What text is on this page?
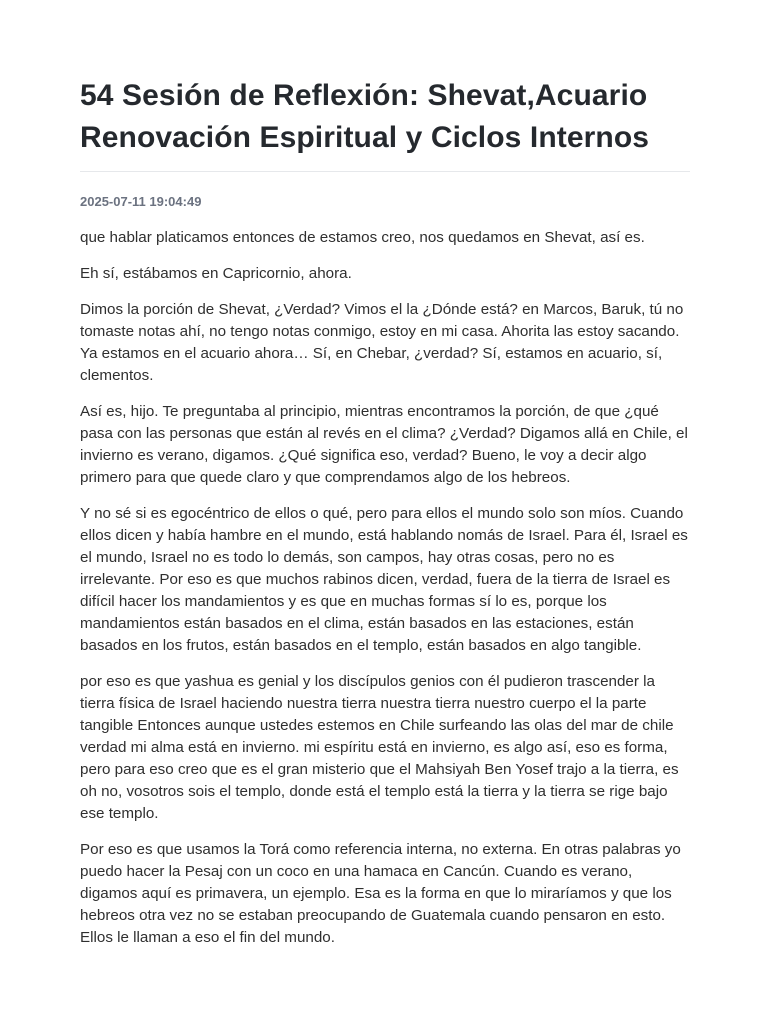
54 Sesión de Reflexión: Shevat,Acuario
Renovación Espiritual y Ciclos Internos
2025-07-11 19:04:49

que hablar platicamos entonces de estamos creo, nos quedamos en Shevat, así es.

Eh sí, estábamos en Capricornio, ahora.

Dimos la porción de Shevat, ¿Verdad? Vimos el la ¿Dónde está? en Marcos, Baruk, tú no tomaste notas ahí, no tengo notas conmigo, estoy en mi casa. Ahorita las estoy sacando. Ya estamos en el acuario ahora… Sí, en Chebar, ¿verdad? Sí, estamos en acuario, sí, clementos.

Así es, hijo. Te preguntaba al principio, mientras encontramos la porción, de que ¿qué pasa con las personas que están al revés en el clima? ¿Verdad? Digamos allá en Chile, el invierno es verano, digamos. ¿Qué significa eso, verdad? Bueno, le voy a decir algo primero para que quede claro y que comprendamos algo de los hebreos.

Y no sé si es egocéntrico de ellos o qué, pero para ellos el mundo solo son míos. Cuando ellos dicen y había hambre en el mundo, está hablando nomás de Israel. Para él, Israel es el mundo, Israel no es todo lo demás, son campos, hay otras cosas, pero no es irrelevante. Por eso es que muchos rabinos dicen, verdad, fuera de la tierra de Israel es difícil hacer los mandamientos y es que en muchas formas sí lo es, porque los mandamientos están basados en el clima, están basados en las estaciones, están basados en los frutos, están basados en el templo, están basados en algo tangible.

por eso es que yashua es genial y los discípulos genios con él pudieron trascender la tierra física de Israel haciendo nuestra tierra nuestra tierra nuestro cuerpo el la parte tangible Entonces aunque ustedes estemos en Chile surfeando las olas del mar de chile verdad mi alma está en invierno. mi espíritu está en invierno, es algo así, eso es forma, pero para eso creo que es el gran misterio que el Mahsiyah Ben Yosef trajo a la tierra, es oh no, vosotros sois el templo, donde está el templo está la tierra y la tierra se rige bajo ese templo.

Por eso es que usamos la Torá como referencia interna, no externa. En otras palabras yo puedo hacer la Pesaj con un coco en una hamaca en Cancún. Cuando es verano, digamos aquí es primavera, un ejemplo. Esa es la forma en que lo miraríamos y que los hebreos otra vez no se estaban preocupando de Guatemala cuando pensaron en esto. Ellos le llaman a eso el fin del mundo.
